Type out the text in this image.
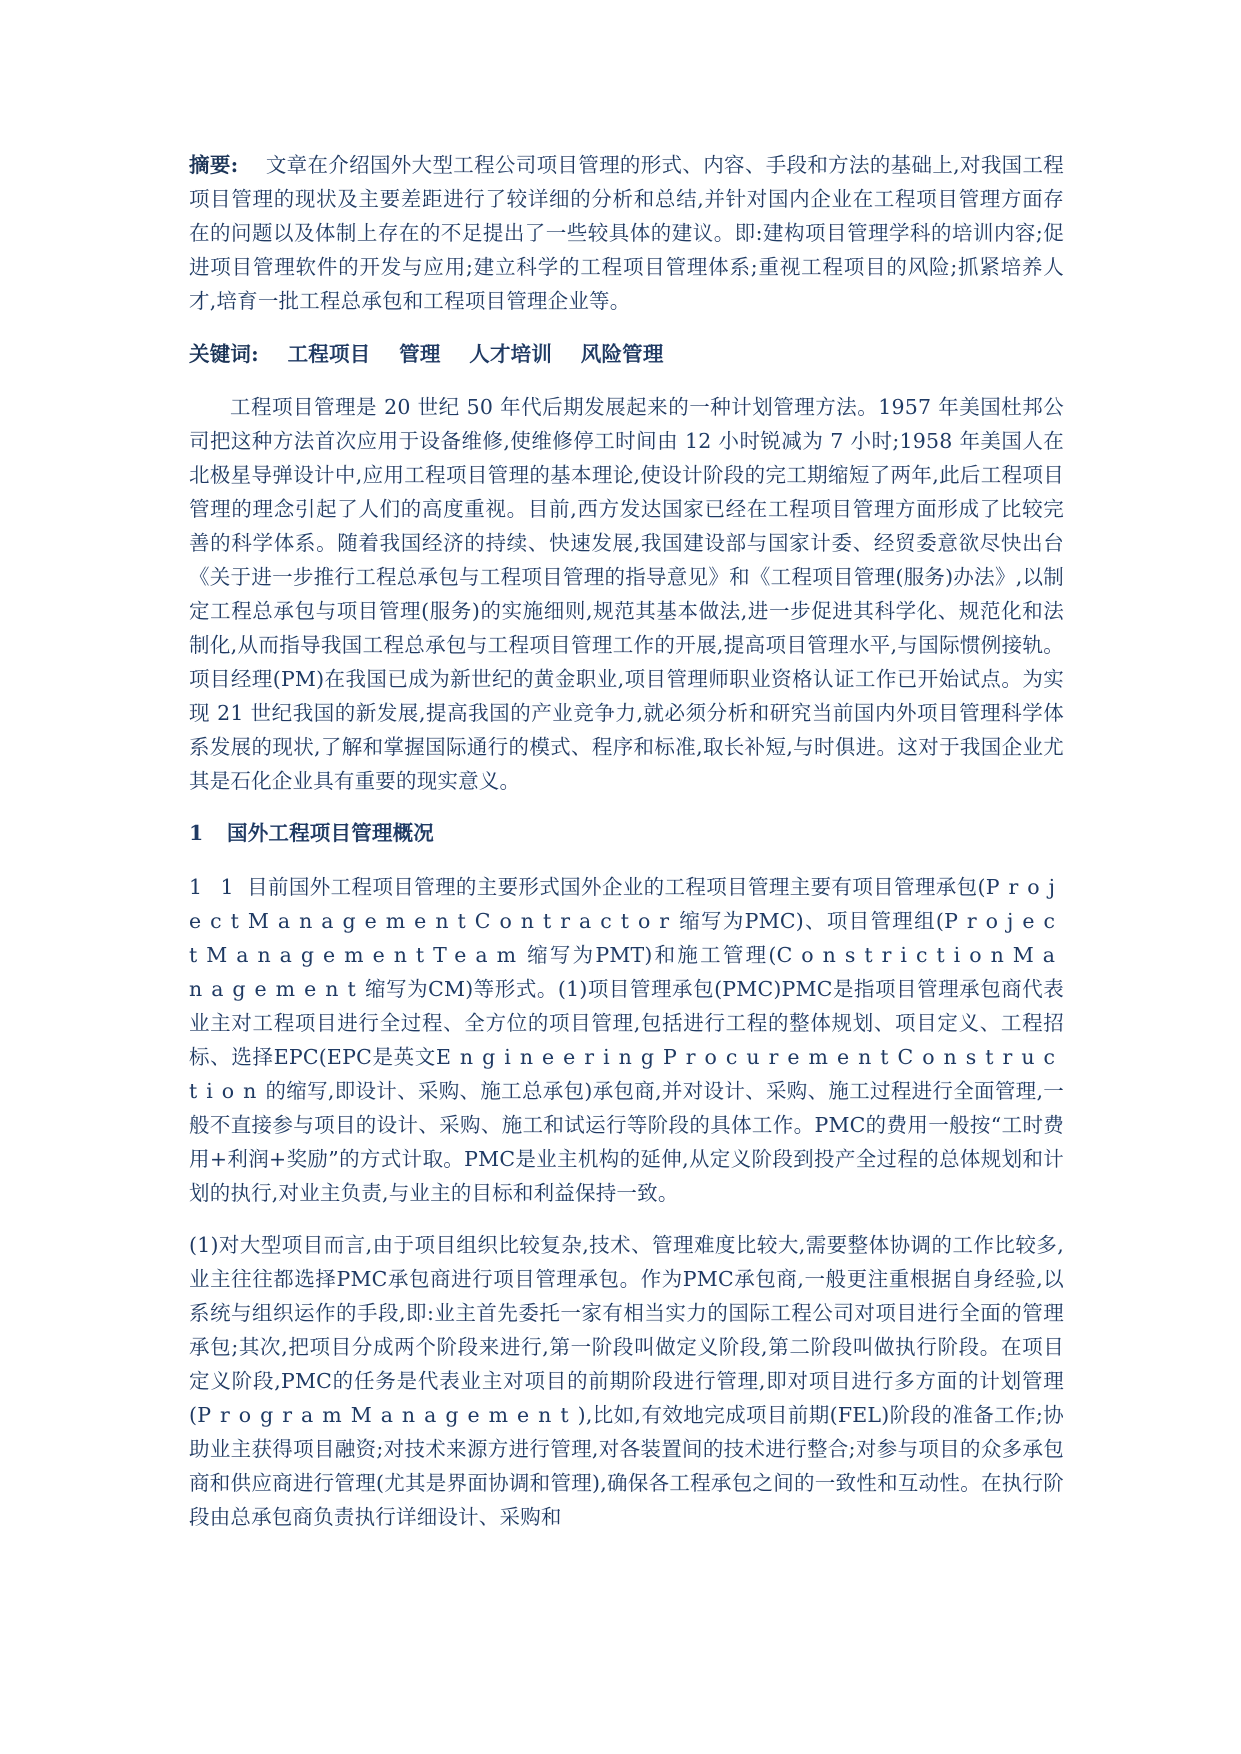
摘要: 文章在介绍国外大型工程公司项目管理的形式、内容、手段和方法的基础上,对我国工程项目管理的现状及主要差距进行了较详细的分析和总结,并针对国内企业在工程项目管理方面存在的问题以及体制上存在的不足提出了一些较具体的建议。即:建构项目管理学科的培训内容;促进项目管理软件的开发与应用;建立科学的工程项目管理体系;重视工程项目的风险;抓紧培养人才,培育一批工程总承包和工程项目管理企业等。

关键词: 工程项目 管理 人才培训 风险管理

工程项目管理是 20 世纪 50 年代后期发展起来的一种计划管理方法。1957 年美国杜邦公司把这种方法首次应用于设备维修,使维修停工时间由 12 小时锐减为 7 小时;1958 年美国人在北极星导弹设计中,应用工程项目管理的基本理论,使设计阶段的完工期缩短了两年,此后工程项目管理的理念引起了人们的高度重视。目前,西方发达国家已经在工程项目管理方面形成了比较完善的科学体系。随着我国经济的持续、快速发展,我国建设部与国家计委、经贸委意欲尽快出台《关于进一步推行工程总承包与工程项目管理的指导意见》和《工程项目管理(服务)办法》,以制定工程总承包与项目管理(服务)的实施细则,规范其基本做法,进一步促进其科学化、规范化和法制化,从而指导我国工程总承包与工程项目管理工作的开展,提高项目管理水平,与国际惯例接轨。项目经理(PM)在我国已成为新世纪的黄金职业,项目管理师职业资格认证工作已开始试点。为实现 21 世纪我国的新发展,提高我国的产业竞争力,就必须分析和研究当前国内外项目管理科学体系发展的现状,了解和掌握国际通行的模式、程序和标准,取长补短,与时俱进。这对于我国企业尤其是石化企业具有重要的现实意义。

1 国外工程项目管理概况

1 1 目前国外工程项目管理的主要形式国外企业的工程项目管理主要有项目管理承包(ProjectManagementContractor缩写为PMC)、项目管理组(ProjectManagementTeam缩写为PMT)和施工管理(ConstrictionManagement缩写为CM)等形式。(1)项目管理承包(PMC)PMC是指项目管理承包商代表业主对工程项目进行全过程、全方位的项目管理,包括进行工程的整体规划、项目定义、工程招标、选择EPC(EPC是英文EngineeringProcurementConstruction的缩写,即设计、采购、施工总承包)承包商,并对设计、采购、施工过程进行全面管理,一般不直接参与项目的设计、采购、施工和试运行等阶段的具体工作。PMC的费用一般按“工时费用+利润+奖励”的方式计取。PMC是业主机构的延伸,从定义阶段到投产全过程的总体规划和计划的执行,对业主负责,与业主的目标和利益保持一致。

(1)对大型项目而言,由于项目组织比较复杂,技术、管理难度比较大,需要整体协调的工作比较多,业主往往都选择PMC承包商进行项目管理承包。作为PMC承包商,一般更注重根据自身经验,以系统与组织运作的手段,即:业主首先委托一家有相当实力的国际工程公司对项目进行全面的管理承包;其次,把项目分成两个阶段来进行,第一阶段叫做定义阶段,第二阶段叫做执行阶段。在项目定义阶段,PMC的任务是代表业主对项目的前期阶段进行管理,即对项目进行多方面的计划管理(ProgramManagement),比如,有效地完成项目前期(FEL)阶段的准备工作;协助业主获得项目融资;对技术来源方进行管理,对各装置间的技术进行整合;对参与项目的众多承包商和供应商进行管理(尤其是界面协调和管理),确保各工程承包之间的一致性和互动性。在执行阶段由总承包商负责执行详细设计、采购和
